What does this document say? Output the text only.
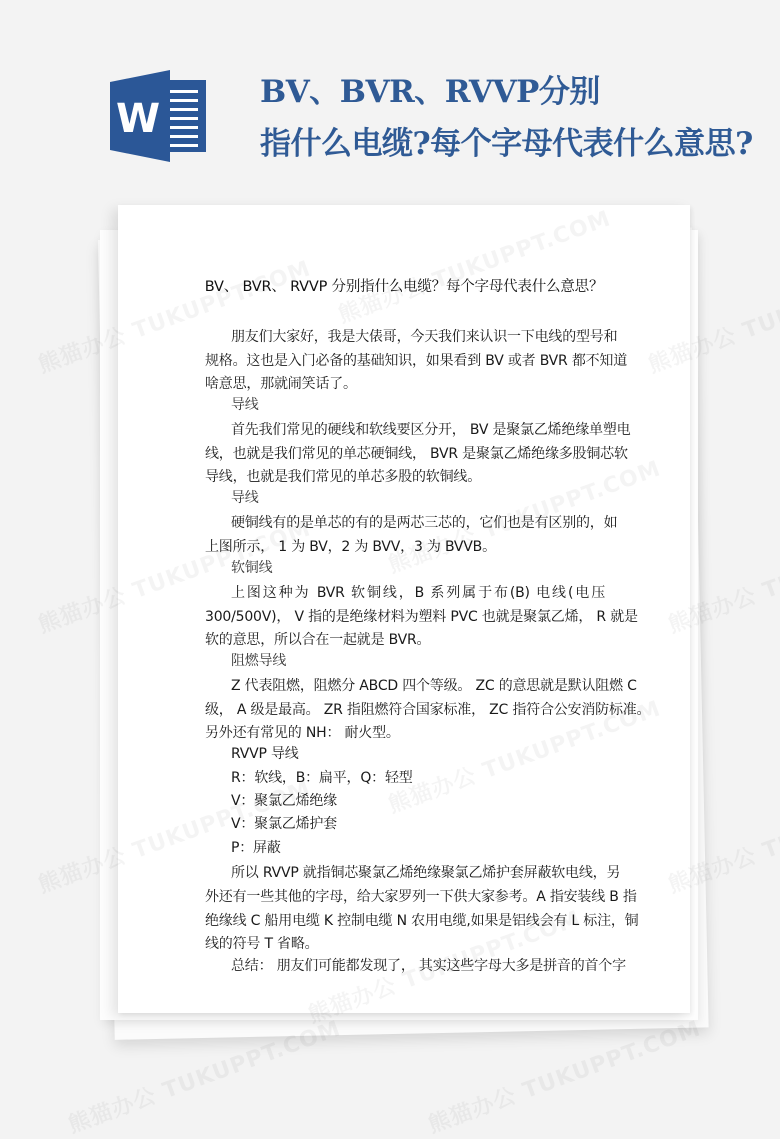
W
BV、BVR、RVVP分别
指什么电缆?每个字母代表什么意思?
BV、 BVR、 RVVP 分别指什么电缆？每个字母代表什么意思？
朋友们大家好，我是大俵哥，今天我们来认识一下电线的型号和
规格。这也是入门必备的基础知识，如果看到 BV 或者 BVR 都不知道
啥意思，那就闹笑话了。
导线
首先我们常见的硬线和软线要区分开， BV 是聚氯乙烯绝缘单塑电
线，也就是我们常见的单芯硬铜线， BVR 是聚氯乙烯绝缘多股铜芯软
导线，也就是我们常见的单芯多股的软铜线。
导线
硬铜线有的是单芯的有的是两芯三芯的，它们也是有区别的，如
上图所示， 1 为 BV，2 为 BVV，3 为 BVVB。
软铜线
上图这种为 BVR 软铜线，B 系列属于布(B) 电线(电压
300/500V)， V 指的是绝缘材料为塑料 PVC 也就是聚氯乙烯， R 就是
软的意思，所以合在一起就是 BVR。
阻燃导线
Z 代表阻燃，阻燃分 ABCD 四个等级。 ZC 的意思就是默认阻燃 C
级， A 级是最高。 ZR 指阻燃符合国家标准， ZC 指符合公安消防标准。
另外还有常见的 NH： 耐火型。
RVVP 导线
R：软线，B：扁平，Q：轻型
V：聚氯乙烯绝缘
V：聚氯乙烯护套
P：屏蔽
所以 RVVP 就指铜芯聚氯乙烯绝缘聚氯乙烯护套屏蔽软电线，另
外还有一些其他的字母，给大家罗列一下供大家参考。A 指安装线 B 指
绝缘线 C 船用电缆 K 控制电缆 N 农用电缆,如果是铝线会有 L 标注，铜
线的符号 T 省略。
总结： 朋友们可能都发现了， 其实这些字母大多是拼音的首个字
